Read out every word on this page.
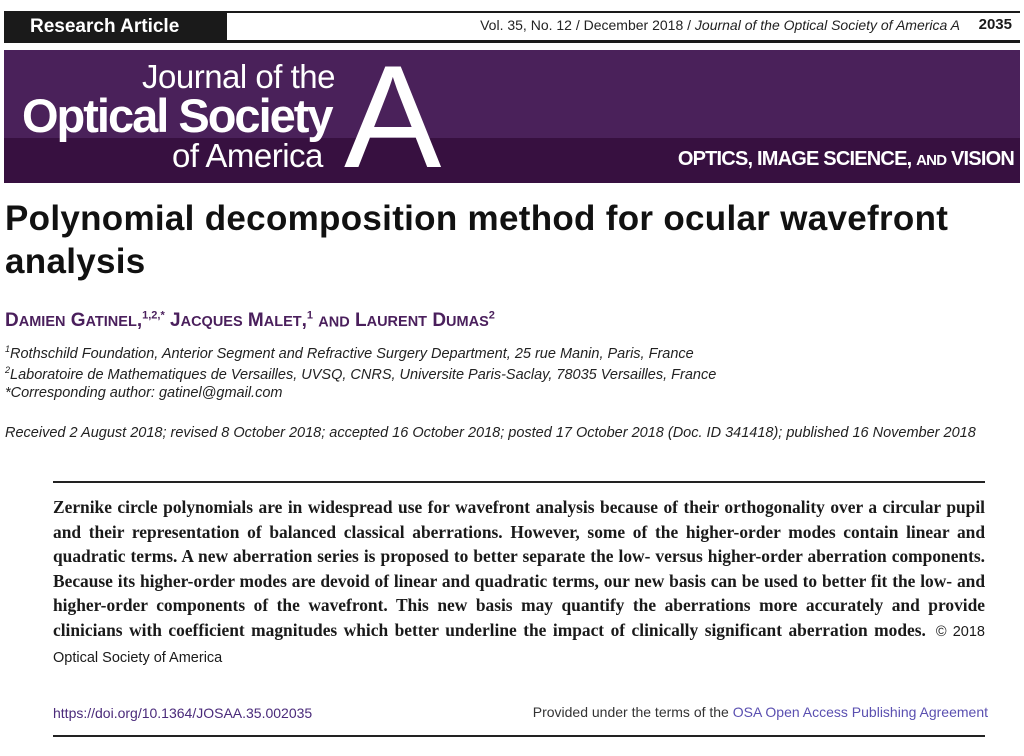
Research Article	Vol. 35, No. 12 / December 2018 / Journal of the Optical Society of America A 2035
Journal of the
Optical Society
of America A	OPTICS, IMAGE SCIENCE, AND VISION
Polynomial decomposition method for ocular wavefront analysis
DAMIEN GATINEL,$^{1,2,*}$ JACQUES MALET,$^1$ AND LAURENT DUMAS$^2$
$^1$Rothschild Foundation, Anterior Segment and Refractive Surgery Department, 25 rue Manin, Paris, France
$^2$Laboratoire de Mathematiques de Versailles, UVSQ, CNRS, Universite Paris-Saclay, 78035 Versailles, France
*Corresponding author: gatinel@gmail.com
Received 2 August 2018; revised 8 October 2018; accepted 16 October 2018; posted 17 October 2018 (Doc. ID 341418); published 16 November 2018
Zernike circle polynomials are in widespread use for wavefront analysis because of their orthogonality over a circular pupil and their representation of balanced classical aberrations. However, some of the higher-order modes contain linear and quadratic terms. A new aberration series is proposed to better separate the low- versus higher-order aberration components. Because its higher-order modes are devoid of linear and quadratic terms, our new basis can be used to better fit the low- and higher-order components of the wavefront. This new basis may quantify the aberrations more accurately and provide clinicians with coefficient magnitudes which better underline the impact of clinically significant aberration modes. © 2018 Optical Society of America
https://doi.org/10.1364/JOSAA.35.002035	Provided under the terms of the OSA Open Access Publishing Agreement
